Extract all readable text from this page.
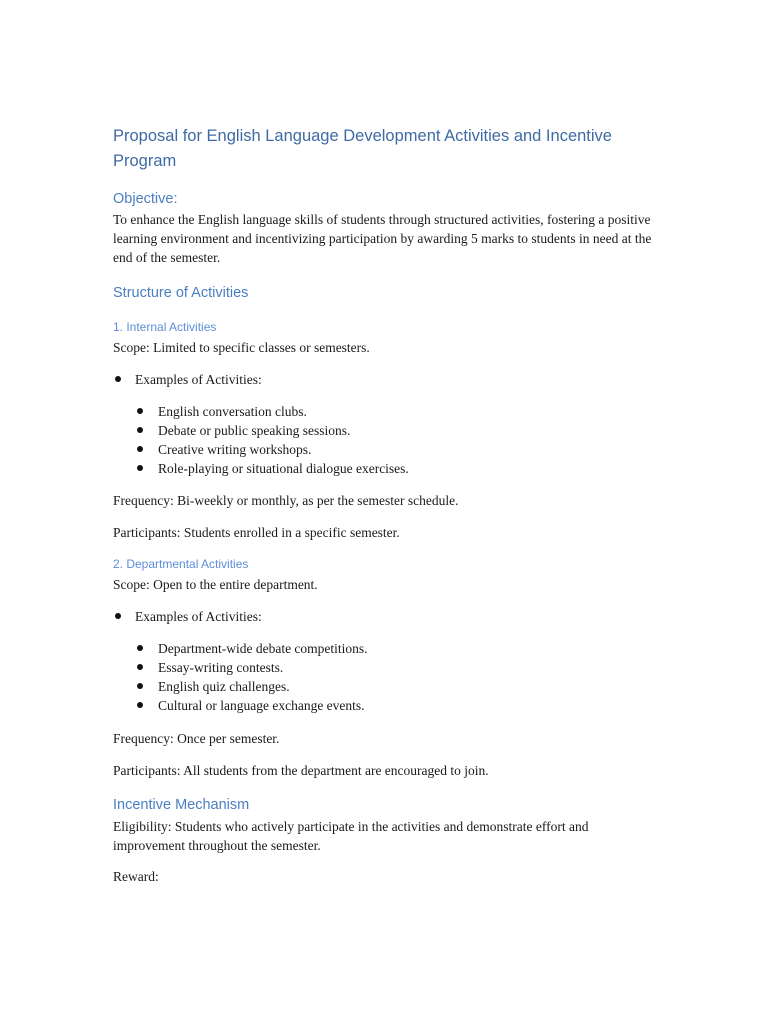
Proposal for English Language Development Activities and Incentive Program
Objective:

To enhance the English language skills of students through structured activities, fostering a positive learning environment and incentivizing participation by awarding 5 marks to students in need at the end of the semester.

Structure of Activities
1. Internal Activities

Scope: Limited to specific classes or semesters.

Examples of Activities:
English conversation clubs.
Debate or public speaking sessions.
Creative writing workshops.
Role-playing or situational dialogue exercises.

Frequency: Bi-weekly or monthly, as per the semester schedule.

Participants: Students enrolled in a specific semester.

2. Departmental Activities

Scope: Open to the entire department.

Examples of Activities:
Department-wide debate competitions.
Essay-writing contests.
English quiz challenges.
Cultural or language exchange events.

Frequency: Once per semester.

Participants: All students from the department are encouraged to join.

Incentive Mechanism

Eligibility: Students who actively participate in the activities and demonstrate effort and improvement throughout the semester.

Reward:
